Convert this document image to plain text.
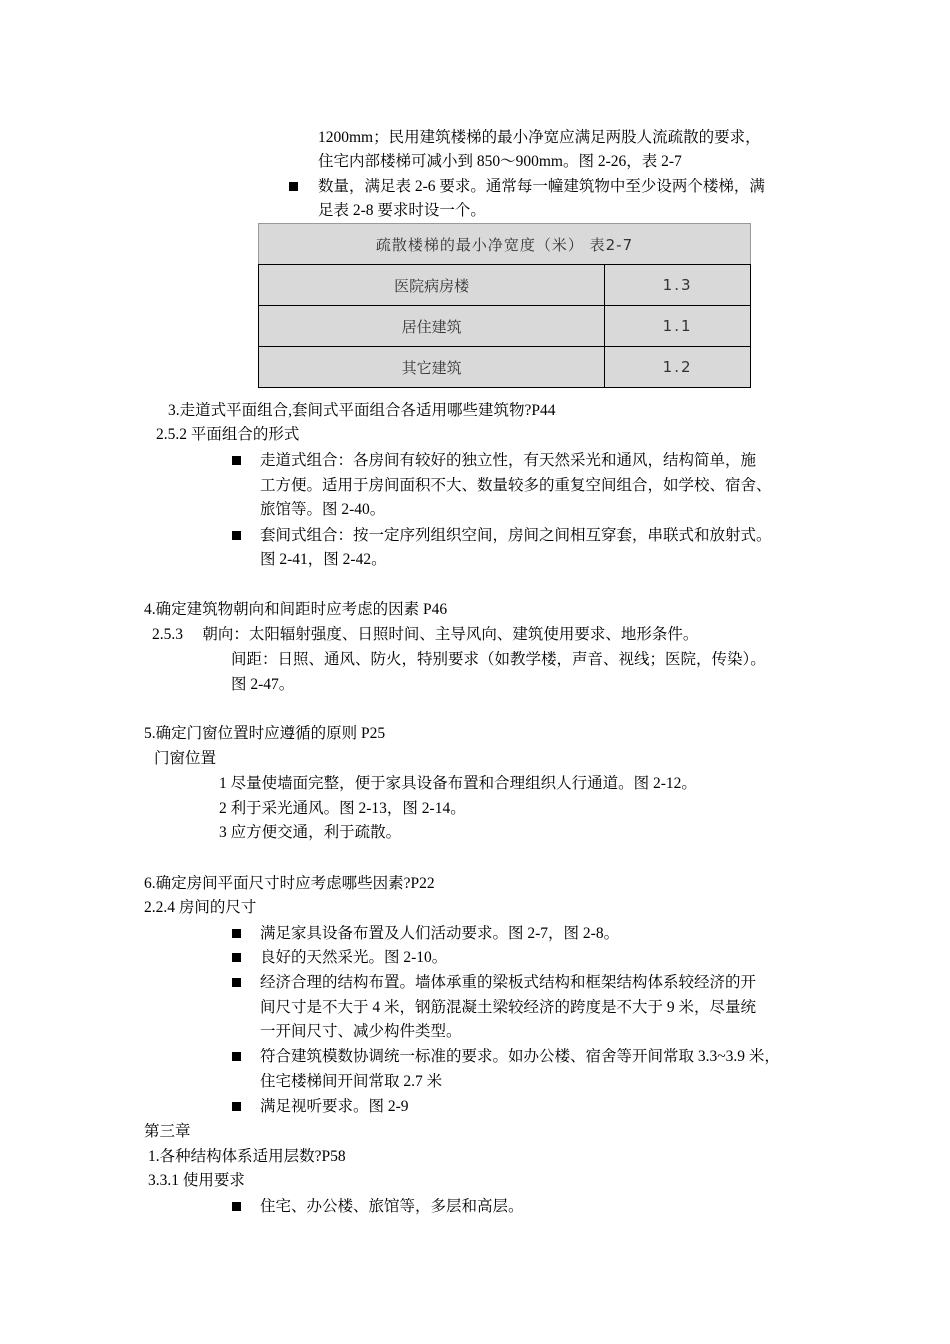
1200mm；民用建筑楼梯的最小净宽应满足两股人流疏散的要求，
住宅内部楼梯可减小到 850～900mm。图 2-26，表 2-7
数量，满足表 2-6 要求。通常每一幢建筑物中至少设两个楼梯，满
足表 2-8 要求时设一个。
疏散楼梯的最小净宽度（米） 表2-7	
医院病房楼	1.3
居住建筑	1.1
其它建筑	1.2
3.走道式平面组合,套间式平面组合各适用哪些建筑物?P44
2.5.2 平面组合的形式
走道式组合：各房间有较好的独立性，有天然采光和通风，结构简单，施
工方便。适用于房间面积不大、数量较多的重复空间组合，如学校、宿舍、
旅馆等。图 2-40。
套间式组合：按一定序列组织空间，房间之间相互穿套，串联式和放射式。
图 2-41，图 2-42。
4.确定建筑物朝向和间距时应考虑的因素 P46
2.5.3     朝向：太阳辐射强度、日照时间、主导风向、建筑使用要求、地形条件。
间距：日照、通风、防火，特别要求（如教学楼，声音、视线；医院，传染）。
图 2-47。
5.确定门窗位置时应遵循的原则 P25
门窗位置
1 尽量使墙面完整，便于家具设备布置和合理组织人行通道。图 2-12。
2 利于采光通风。图 2-13，图 2-14。
3 应方便交通，利于疏散。
6.确定房间平面尺寸时应考虑哪些因素?P22
2.2.4 房间的尺寸
满足家具设备布置及人们活动要求。图 2-7，图 2-8。
良好的天然采光。图 2-10。
经济合理的结构布置。墙体承重的梁板式结构和框架结构体系较经济的开
间尺寸是不大于 4 米，钢筋混凝土梁较经济的跨度是不大于 9 米，尽量统
一开间尺寸、减少构件类型。
符合建筑模数协调统一标准的要求。如办公楼、宿舍等开间常取 3.3~3.9 米，
住宅楼梯间开间常取 2.7 米
满足视听要求。图 2-9
第三章
1.各种结构体系适用层数?P58
3.3.1 使用要求
住宅、办公楼、旅馆等，多层和高层。
